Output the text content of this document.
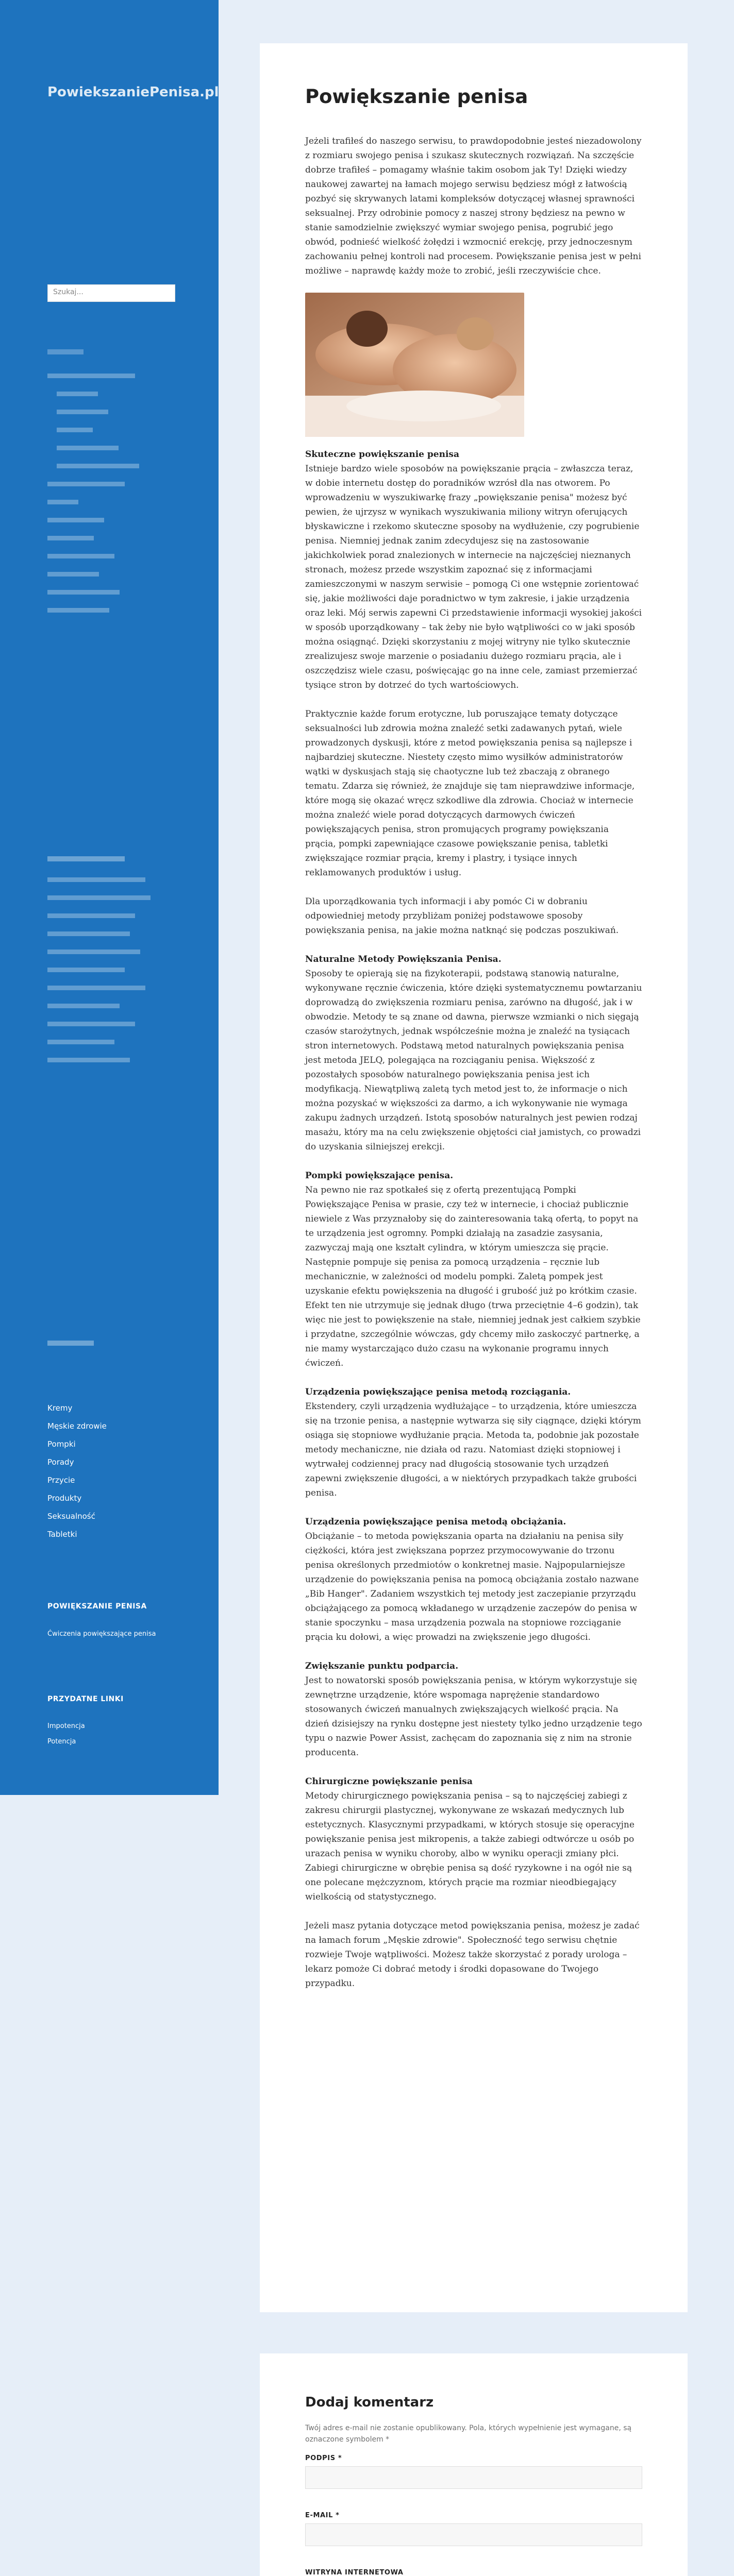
PowiekszaniePenisa.pl
Szukaj...
Kremy
Męskie zdrowie
Pompki
Porady
Przycie
Produkty
Seksualność
Tabletki
POWIĘKSZANIE PENISA
Ćwiczenia powiększające penisa
PRZYDATNE LINKI
Impotencja
Potencja
Powiększanie penisa

Jeżeli trafiłeś do naszego serwisu, to prawdopodobnie jesteś niezadowolony z rozmiaru swojego penisa i szukasz skutecznych rozwiązań. Na szczęście dobrze trafiłeś – pomagamy właśnie takim osobom jak Ty! Dzięki wiedzy naukowej zawartej na łamach mojego serwisu będziesz mógł z łatwością pozbyć się skrywanych latami kompleksów dotyczącej własnej sprawności seksualnej. Przy odrobinie pomocy z naszej strony będziesz na pewno w stanie samodzielnie zwiększyć wymiar swojego penisa, pogrubić jego obwód, podnieść wielkość żołędzi i wzmocnić erekcję, przy jednoczesnym zachowaniu pełnej kontroli nad procesem. Powiększanie penisa jest w pełni możliwe – naprawdę każdy może to zrobić, jeśli rzeczywiście chce.

Skuteczne powiększanie penisa
Istnieje bardzo wiele sposobów na powiększanie prącia – zwłaszcza teraz, w dobie internetu dostęp do poradników wzrósł dla nas otworem. Po wprowadzeniu w wyszukiwarkę frazy „powiększanie penisa" możesz być pewien, że ujrzysz w wynikach wyszukiwania miliony witryn oferujących błyskawiczne i rzekomo skuteczne sposoby na wydłużenie, czy pogrubienie penisa. Niemniej jednak zanim zdecydujesz się na zastosowanie jakichkolwiek porad znalezionych w internecie na najczęściej nieznanych stronach, możesz przede wszystkim zapoznać się z informacjami zamieszczonymi w naszym serwisie – pomogą Ci one wstępnie zorientować się, jakie możliwości daje poradnictwo w tym zakresie, i jakie urządzenia oraz leki. Mój serwis zapewni Ci przedstawienie informacji wysokiej jakości w sposób uporządkowany – tak żeby nie było wątpliwości co w jaki sposób można osiągnąć. Dzięki skorzystaniu z mojej witryny nie tylko skutecznie zrealizujesz swoje marzenie o posiadaniu dużego rozmiaru prącia, ale i oszczędzisz wiele czasu, poświęcając go na inne cele, zamiast przemierzać tysiące stron by dotrzeć do tych wartościowych.

Praktycznie każde forum erotyczne, lub poruszające tematy dotyczące seksualności lub zdrowia można znaleźć setki zadawanych pytań, wiele prowadzonych dyskusji, które z metod powiększania penisa są najlepsze i najbardziej skuteczne. Niestety często mimo wysiłków administratorów wątki w dyskusjach stają się chaotyczne lub też zbaczają z obranego tematu. Zdarza się również, że znajduje się tam nieprawdziwe informacje, które mogą się okazać wręcz szkodliwe dla zdrowia. Chociaż w internecie można znaleźć wiele porad dotyczących darmowych ćwiczeń powiększających penisa, stron promujących programy powiększania prącia, pompki zapewniające czasowe powiększanie penisa, tabletki zwiększające rozmiar prącia, kremy i plastry, i tysiące innych reklamowanych produktów i usług.

Dla uporządkowania tych informacji i aby pomóc Ci w dobraniu odpowiedniej metody przybliżam poniżej podstawowe sposoby powiększania penisa, na jakie można natknąć się podczas poszukiwań.

Naturalne Metody Powiększania Penisa.
Sposoby te opierają się na fizykoterapii, podstawą stanowią naturalne, wykonywane ręcznie ćwiczenia, które dzięki systematycznemu powtarzaniu doprowadzą do zwiększenia rozmiaru penisa, zarówno na długość, jak i w obwodzie. Metody te są znane od dawna, pierwsze wzmianki o nich sięgają czasów starożytnych, jednak współcześnie można je znaleźć na tysiącach stron internetowych. Podstawą metod naturalnych powiększania penisa jest metoda JELQ, polegająca na rozciąganiu penisa. Większość z pozostałych sposobów naturalnego powiększania penisa jest ich modyfikacją. Niewątpliwą zaletą tych metod jest to, że informacje o nich można pozyskać w większości za darmo, a ich wykonywanie nie wymaga zakupu żadnych urządzeń. Istotą sposobów naturalnych jest pewien rodzaj masażu, który ma na celu zwiększenie objętości ciał jamistych, co prowadzi do uzyskania silniejszej erekcji.

Pompki powiększające penisa.
Na pewno nie raz spotkałeś się z ofertą prezentującą Pompki Powiększające Penisa w prasie, czy też w internecie, i chociaż publicznie niewiele z Was przyznałoby się do zainteresowania taką ofertą, to popyt na te urządzenia jest ogromny. Pompki działają na zasadzie zasysania, zazwyczaj mają one kształt cylindra, w którym umieszcza się prącie. Następnie pompuje się penisa za pomocą urządzenia – ręcznie lub mechanicznie, w zależności od modelu pompki. Zaletą pompek jest uzyskanie efektu powiększenia na długość i grubość już po krótkim czasie. Efekt ten nie utrzymuje się jednak długo (trwa przeciętnie 4–6 godzin), tak więc nie jest to powiększenie na stałe, niemniej jednak jest całkiem szybkie i przydatne, szczególnie wówczas, gdy chcemy miło zaskoczyć partnerkę, a nie mamy wystarczająco dużo czasu na wykonanie programu innych ćwiczeń.

Urządzenia powiększające penisa metodą rozciągania.
Ekstendery, czyli urządzenia wydłużające – to urządzenia, które umieszcza się na trzonie penisa, a następnie wytwarza się siły ciągnące, dzięki którym osiąga się stopniowe wydłużanie prącia. Metoda ta, podobnie jak pozostałe metody mechaniczne, nie działa od razu. Natomiast dzięki stopniowej i wytrwałej codziennej pracy nad długością stosowanie tych urządzeń zapewni zwiększenie długości, a w niektórych przypadkach także grubości penisa.

Urządzenia powiększające penisa metodą obciążania.
Obciążanie – to metoda powiększania oparta na działaniu na penisa siły ciężkości, która jest zwiększana poprzez przymocowywanie do trzonu penisa określonych przedmiotów o konkretnej masie. Najpopularniejsze urządzenie do powiększania penisa na pomocą obciążania zostało nazwane „Bib Hanger". Zadaniem wszystkich tej metody jest zaczepianie przyrządu obciążającego za pomocą wkładanego w urządzenie zaczepów do penisa w stanie spoczynku – masa urządzenia pozwala na stopniowe rozciąganie prącia ku dołowi, a więc prowadzi na zwiększenie jego długości.

Zwiększanie punktu podparcia.
Jest to nowatorski sposób powiększania penisa, w którym wykorzystuje się zewnętrzne urządzenie, które wspomaga naprężenie standardowo stosowanych ćwiczeń manualnych zwiększających wielkość prącia. Na dzień dzisiejszy na rynku dostępne jest niestety tylko jedno urządzenie tego typu o nazwie Power Assist, zachęcam do zapoznania się z nim na stronie producenta.

Chirurgiczne powiększanie penisa
Metody chirurgicznego powiększania penisa – są to najczęściej zabiegi z zakresu chirurgii plastycznej, wykonywane ze wskazań medycznych lub estetycznych. Klasycznymi przypadkami, w których stosuje się operacyjne powiększanie penisa jest mikropenis, a także zabiegi odtwórcze u osób po urazach penisa w wyniku choroby, albo w wyniku operacji zmiany płci. Zabiegi chirurgiczne w obrębie penisa są dość ryzykowne i na ogół nie są one polecane mężczyznom, których prącie ma rozmiar nieodbiegający wielkością od statystycznego.

Jeżeli masz pytania dotyczące metod powiększania penisa, możesz je zadać na łamach forum „Męskie zdrowie". Społeczność tego serwisu chętnie rozwieje Twoje wątpliwości. Możesz także skorzystać z porady urologa – lekarz pomoże Ci dobrać metody i środki dopasowane do Twojego przypadku.

Dodaj komentarz

Twój adres e-mail nie zostanie opublikowany. Pola, których wypełnienie jest wymagane, są oznaczone symbolem *

PODPIS *
E-MAIL *
WITRYNA INTERNETOWA
